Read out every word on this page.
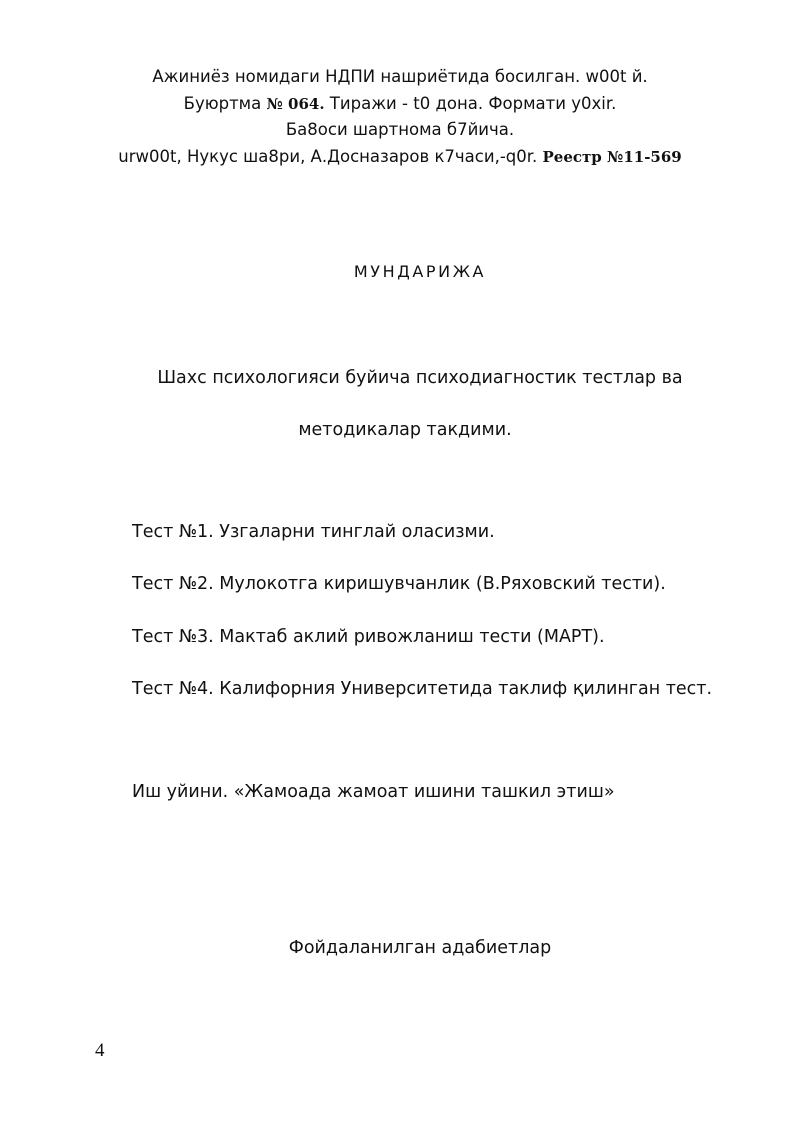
Ажиниёз номидаги НДПИ нашриётида босилган. w00t й.
Буюртма № 064. Тиражи - t0 дона. Формати y0xir.
Ба8оси шартнома б7йича.
urw00t, Нукус ша8ри, А.Досназаров к7часи,-q0r. Реестр №11-569
МУНДАРИЖА
Шахс психологияси буйича психодиагностик тестлар ва
методикалар такдими.
Тест №1. Узгаларни тинглай оласизми.
Тест №2. Мулокотга киришувчанлик (В.Ряховский тести).
Тест №3. Мактаб аклий ривожланиш тести (МАРТ).
Тест №4. Калифорния Университетида таклиф қилинган тест.
Иш уйини. «Жамоада жамоат ишини ташкил этиш»
Фойдаланилган адабиетлар
4
